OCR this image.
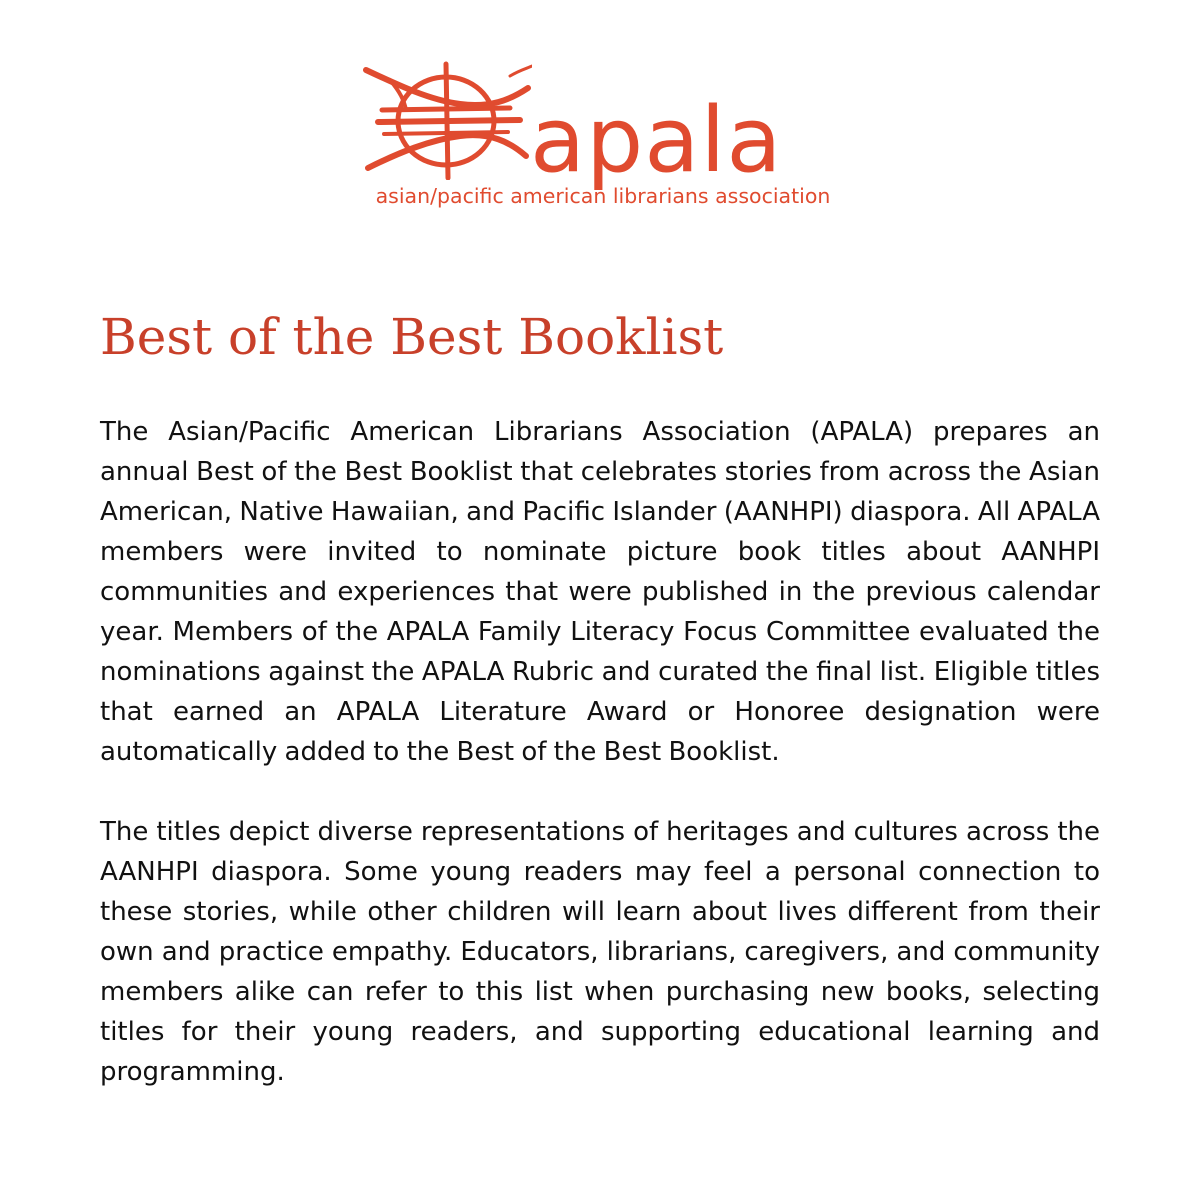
apala
asian/pacific american librarians association
Best of the Best Booklist

The Asian/Pacific American Librarians Association (APALA) prepares an annual Best of the Best Booklist that celebrates stories from across the Asian American, Native Hawaiian, and Pacific Islander (AANHPI) diaspora. All APALA members were invited to nominate picture book titles about AANHPI communities and experiences that were published in the previous calendar year. Members of the APALA Family Literacy Focus Committee evaluated the nominations against the APALA Rubric and curated the final list. Eligible titles that earned an APALA Literature Award or Honoree designation were automatically added to the Best of the Best Booklist.

The titles depict diverse representations of heritages and cultures across the AANHPI diaspora. Some young readers may feel a personal connection to these stories, while other children will learn about lives different from their own and practice empathy. Educators, librarians, caregivers, and community members alike can refer to this list when purchasing new books, selecting titles for their young readers, and supporting educational learning and programming.
